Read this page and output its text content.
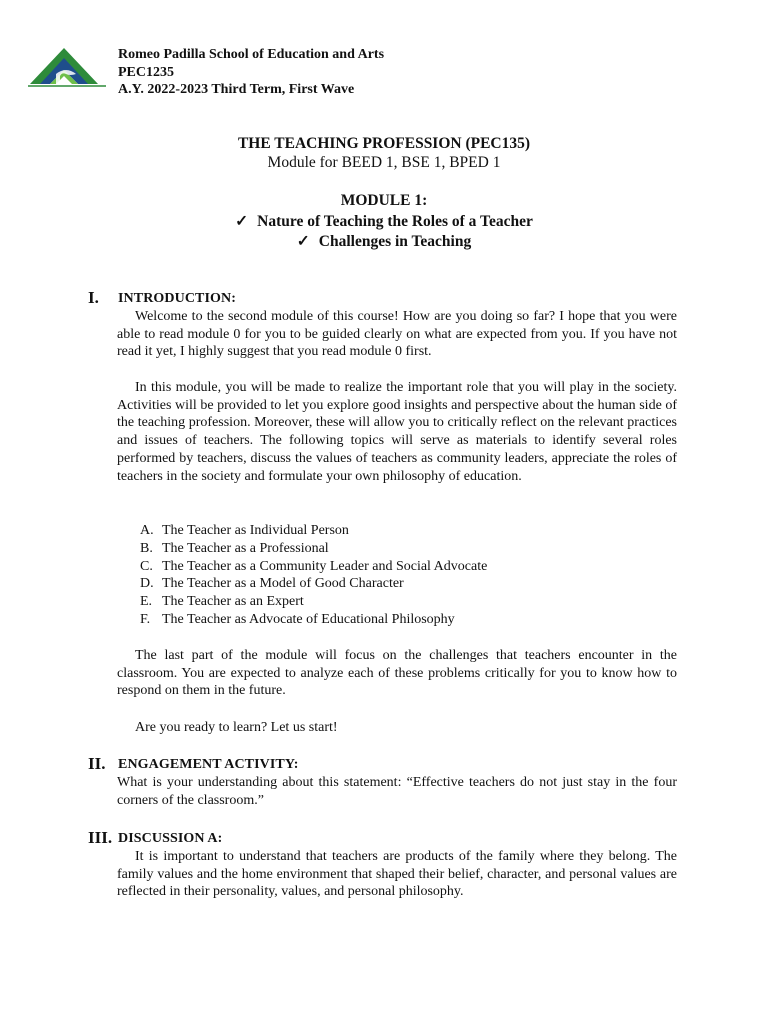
Romeo Padilla School of Education and Arts
PEC1235
A.Y. 2022-2023 Third Term, First Wave
THE TEACHING PROFESSION (PEC135)
Module for BEED 1, BSE 1, BPED 1
MODULE 1:
✓ Nature of Teaching the Roles of a Teacher
✓ Challenges in Teaching
I. INTRODUCTION:

Welcome to the second module of this course! How are you doing so far? I hope that you were able to read module 0 for you to be guided clearly on what are expected from you. If you have not read it yet, I highly suggest that you read module 0 first.

In this module, you will be made to realize the important role that you will play in the society. Activities will be provided to let you explore good insights and perspective about the human side of the teaching profession. Moreover, these will allow you to critically reflect on the relevant practices and issues of teachers. The following topics will serve as materials to identify several roles performed by teachers, discuss the values of teachers as community leaders, appreciate the roles of teachers in the society and formulate your own philosophy of education.

A. The Teacher as Individual Person
B. The Teacher as a Professional
C. The Teacher as a Community Leader and Social Advocate
D. The Teacher as a Model of Good Character
E. The Teacher as an Expert
F. The Teacher as Advocate of Educational Philosophy

The last part of the module will focus on the challenges that teachers encounter in the classroom. You are expected to analyze each of these problems critically for you to know how to respond on them in the future.

Are you ready to learn? Let us start!

II. ENGAGEMENT ACTIVITY:

What is your understanding about this statement: “Effective teachers do not just stay in the four corners of the classroom.”

III. DISCUSSION A:

It is important to understand that teachers are products of the family where they belong. The family values and the home environment that shaped their belief, character, and personal values are reflected in their personality, values, and personal philosophy.
